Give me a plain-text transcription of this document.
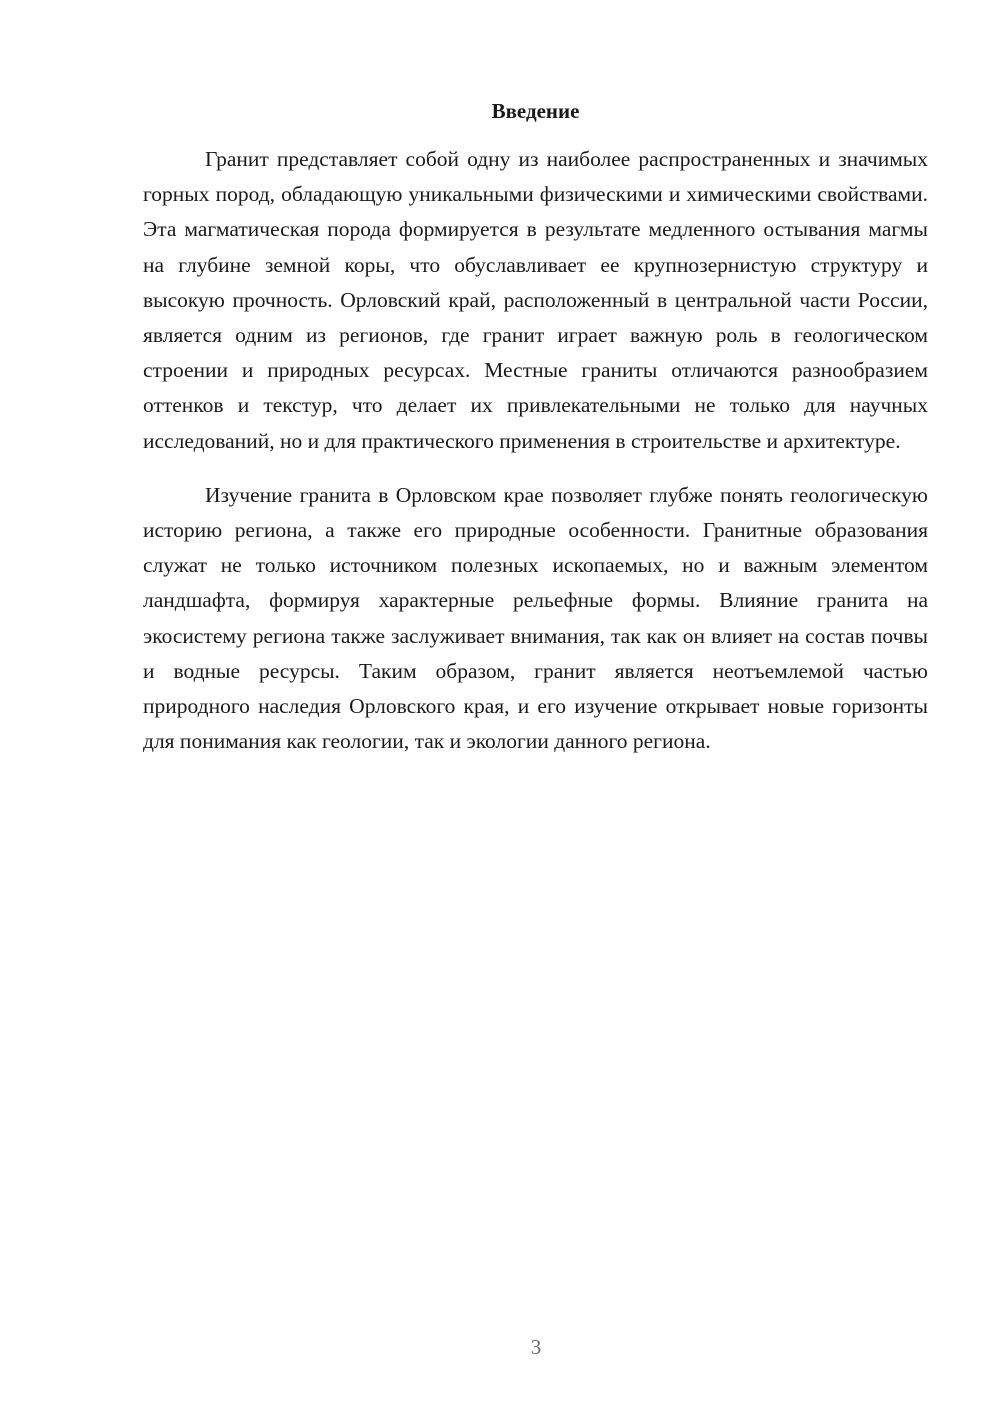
Введение

Гранит представляет собой одну из наиболее распространенных и значимых горных пород, обладающую уникальными физическими и химическими свойствами. Эта магматическая порода формируется в результате медленного остывания магмы на глубине земной коры, что обуславливает ее крупнозернистую структуру и высокую прочность. Орловский край, расположенный в центральной части России, является одним из регионов, где гранит играет важную роль в геологическом строении и природных ресурсах. Местные граниты отличаются разнообразием оттенков и текстур, что делает их привлекательными не только для научных исследований, но и для практического применения в строительстве и архитектуре.

Изучение гранита в Орловском крае позволяет глубже понять геологическую историю региона, а также его природные особенности. Гранитные образования служат не только источником полезных ископаемых, но и важным элементом ландшафта, формируя характерные рельефные формы. Влияние гранита на экосистему региона также заслуживает внимания, так как он влияет на состав почвы и водные ресурсы. Таким образом, гранит является неотъемлемой частью природного наследия Орловского края, и его изучение открывает новые горизонты для понимания как геологии, так и экологии данного региона.

3
